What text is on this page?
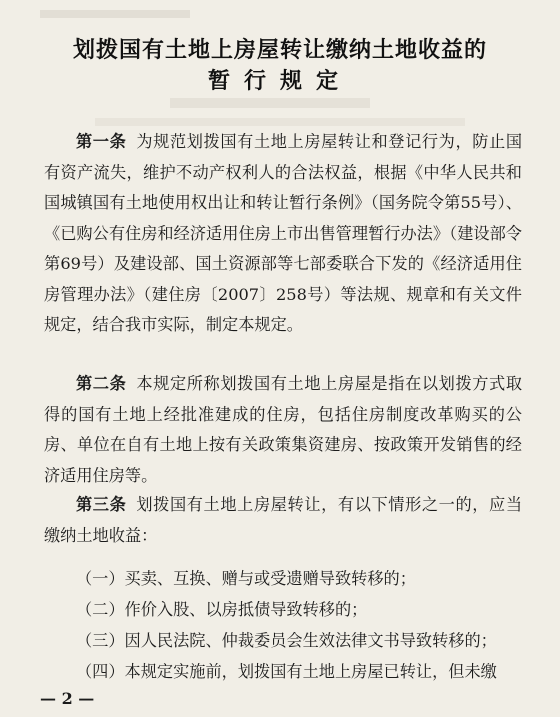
划拨国有土地上房屋转让缴纳土地收益的
暂行规定
第一条 为规范划拨国有土地上房屋转让和登记行为，防止国有资产流失，维护不动产权利人的合法权益，根据《中华人民共和国城镇国有土地使用权出让和转让暂行条例》（国务院令第55号）、《已购公有住房和经济适用住房上市出售管理暂行办法》（建设部令第69号）及建设部、国土资源部等七部委联合下发的《经济适用住房管理办法》（建住房〔2007〕258号）等法规、规章和有关文件规定，结合我市实际，制定本规定。
第二条 本规定所称划拨国有土地上房屋是指在以划拨方式取得的国有土地上经批准建成的住房，包括住房制度改革购买的公房、单位在自有土地上按有关政策集资建房、按政策开发销售的经济适用住房等。
第三条 划拨国有土地上房屋转让，有以下情形之一的，应当缴纳土地收益：
（一）买卖、互换、赠与或受遗赠导致转移的；
（二）作价入股、以房抵债导致转移的；
（三）因人民法院、仲裁委员会生效法律文书导致转移的；
（四）本规定实施前，划拨国有土地上房屋已转让，但未缴
— 2 —
